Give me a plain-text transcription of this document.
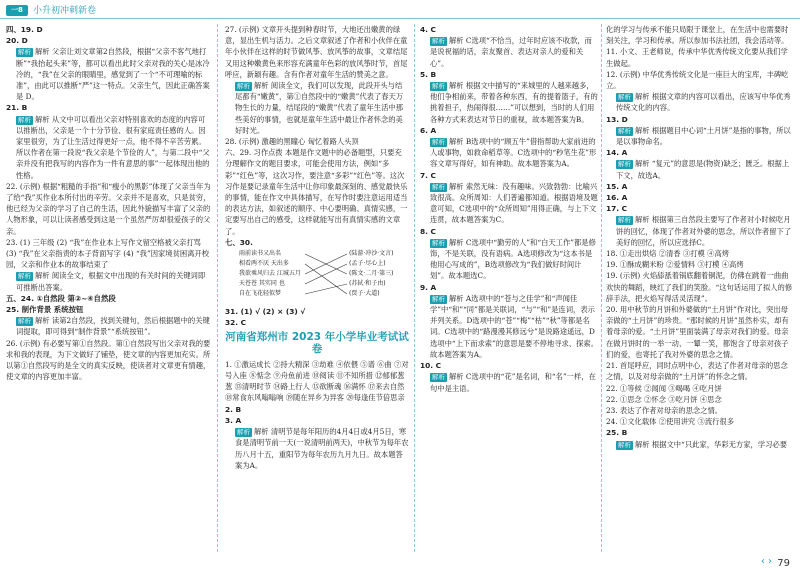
一8	小升初冲刺新卷

四、19. D

20. D

解析 解析 父亲让刘文章第2自然段，根据“父亲不客气地打断”“我抬起头来”等，都可以看出此时父亲对我的关心是冰冷冷的，“我”在父亲的眼睛里，感觉到了一个“不可理喻的标准”，由此可以推断“严”这一特点。父亲生气，因此正确答案是 D。

21. B

解析 解析 从文中可以看出父亲对特别喜欢的态度的内容可以推断出，父亲是一个十分节俭、很有家庭责任感的人。因家里很穷，为了让生活过得更好一点，他不得不辛苦劳累。所以作者在第一段说“我父亲是个节俭的人”，与第二段中“父亲并没有把我写的内容作为一件有意思的事”一起体现出他的性格。

22. (示例) 根据“粗糙的手指”和“瘦小的黑影”体现了父亲当年为了给“我”买作业本所付出的辛劳。父亲并不是喜欢，只是贫穷，他已经为父亲的学习了自己的生活，因此外貌描写丰富了父亲的人物形象，可以让读者感受到这是一个虽然严厉却很爱孩子的父亲。

23. (1) 三年级 (2) “我”在作业本上写作文留空格被父亲打骂 (3) “我”在父亲指责的本子背面写字 (4) “我”因家境贫困离开校园，父亲和作业本的故事结束了

解析 解析 阅读全文，根据文中出现的有关时间的关键词即可推断出答案。

五、24. ①自然段 第②~④自然段

25. 制作背景 系统按钮

解析 解析 读第2自然段，找到关键句，然后根据题中的关键词提取，即可得到“制作背景”“系统按钮”。

26. (示例) 有必要写第①自然段。第①自然段写出父亲对我的要求和我的表现，为下文做好了铺垫，使文章的内容更加充实。所以第①自然段写的是全文的真实反映，使读者对文章更有情趣，使文章的内容更加丰富。

27. (示例) 文章开头提到种春时节，大地还出嫩黄的绿意，显出生机与活力。之后文章叙述了作者和小伙伴在童年小伙伴在这样的时节做风筝、放风筝的故事，文章结尾又用这种嫩黄色来形容充满童年色彩的放风筝时节，首尾呼应，新颖有趣。含有作者对童年生活的赞美之意。

解析 解析 阅读全文，我们可以发现，此段开头与结尾都有“嫩黄”，第①自然段中的“嫩黄”代表了春天万物生长的力量，结尾段的“嫩黄”代表了童年生活中那些美好的事情，也就是童年生活中最让作者怀念的美好时光。

28. (示例) 激趣的黑瞳心 匈忆着路人头顶

六、29. 习作点拨 本题是作文题中的必备题型，只要充分理解作文的题目要求，可能会使用方法，例如“多彩”“红色”等，这次习作，要注意“多彩”“红色”等。这次习作是要记录童年生活中让你印象最深刻的、感觉最快乐的事情，能在作文中具体描写，在写作时要注意运用适当的表达方法，如叙述的顺序、中心要明确、真情实感，一定要写出自己的感受，这样就能写出有真情实感的文章了。

七、30.

雨前读书又出名
相看两不厌 天出多
我欲乘风归去 江城五月
天苍苍 其实同 也
自在飞花轻似梦
(陆游·冲沙·文言)
(孟子·尽心上)
(陈文·二月·第三)
(苏轼·和子由)
(贾子·大道)

31. (1) √ (2) × (3) √

32. C

河南省郑州市 2023 年小学毕业考试试卷

1. ①激运成长 ②持大精深 ③劫难 ④依偎 ⑤谱 ⑥曲 ⑦对号入座 ⑧惦念 ⑨舟鱼前进 ⑩阅读 ⑪不知所措 ⑫郁郁葱葱 ⑬清明时节 ⑭路上行人 ⑮欲断魂 ⑯满怀 ⑰来去自然 ⑱常食东风嗡嗡响 ⑲随在异乡为异客 ⑳每逢佳节倍思亲

2. B

3. A

解析 解析 清明节是每年阳历的4月4日或4月5日，寒食是清明节前一天(一说清明前两天)，中秋节为每年农历八月十五，重阳节为每年农历九月九日。故本题答案为A。

4. C

解析 解析 C选项“不恰当，过年时应该不收款，而是说祝福的话，亲友聚首、表达对亲人的爱和关心”。

5. B

解析 解析 根据文中描写的“来城里的人越来越多，他们争相前来，带着各种东西，有的提着篮子，有的挑着担子，热闹得很……”可以想到，当时的人们用各种方式来表达对节日的重视，故本题答案为B。

6. A

解析 解析 B选项中的“顾五牛”借指帮助大家前进的人或事物，如救命稻草等。C选项中的“秒笔生花”形容文章写得好，如有神助。故本题答案为A。

7. C

解析 解析 索然无味：没有趣味。兴致勃勃：比喻兴致很高。众所周知：人们普遍都知道。根据语境及题意可知，C选项中的“众所周知”用得正确，与上下文连贯，故本题答案为C。

8. C

解析 解析 C选项中“勤劳的人”和“白天工作”都是修饰，不是关联，没有语病。A选项修改为“这本书是他用心写成的”，B选项修改为“我们做好时间计划”。故本题选C。

9. A

解析 解析 A选项中的“苍与之佳学”和“声闻佳学”中“和”“同”都是关联词，“与”“和”是连词，表示并列关系。D选项中的“苍”“梅”“枯”“秋”等都是名词。C选项中的“路漫漫其修远兮”是说路途遥远，D选项中“上下而求索”的意思是要不停地寻求、探索。故本题答案为A。

10. C

解析 解析 C选项中的“花”是名词，和“名”一样，在句中是主语。

化的学习与传承不能只局限于课堂上，在生活中也需要时刻关注，学习和传承。所以参加书法社团，我会活动等。

11. 小文、王老师说，传承中华优秀传统文化要从我们学生做起。

12. (示例) 中华优秀传统文化是一座巨大的宝库，丰碑屹立。

解析 解析 根据文章的内容可以看出，应该写中华优秀传统文化的内容。

13. D

解析 解析 根据题目中心词“土月饼”是指的事物，所以是以事物命名。

14. A

解析 解析 “复元”的意思是(物资)缺乏；匮乏。根据上下文，故选A。

15. A

16. A

17. C

解析 解析 根据第三自然段主要写了作者对小时候吃月饼的回忆，体现了作者对外婆的思念，所以作者留下了美好的回忆，所以应选择C。

18. ①走出烘焙 ②清香 ③打模 ④高烤

19. ①酥成糊米粉 ②爱情料 ③打模 ④高烤

19. (示例) 火焰舔舐着锅底翻着铜泥，仿佛在跳着一曲曲欢快的舞蹈，映红了我们的笑脸。“这句话运用了拟人的修辞手法，把火焰写得活灵活现”。

20. 用中秋节的月饼和外婆做的“土月饼”作对比，突出母亲做的“土月饼”的珍贵。“那时候的月饼”虽然朴实，却有着母亲的爱。“土月饼”里面装满了母亲对我们的爱。母亲在做月饼时的一举一动、一颦一笑，都饱含了母亲对孩子们的爱，也寄托了我对外婆的思念之情。

21. 首尾呼应，同时点明中心，表达了作者对母亲的思念之情，以及对母亲做的“土月饼”的怀念之情。

22. ①等候 ②闻闻 ③喝喝 ④吃月饼

22. ①思念 ②怀念 ③吃月饼 ④思念

23. 表达了作者对母亲的思念之情。

24. ①文化载体 ②使用讲究 ③流行很多

25. B

解析 解析 根据文中“只此家，华彩无方家，学习必要

‹ › 79
